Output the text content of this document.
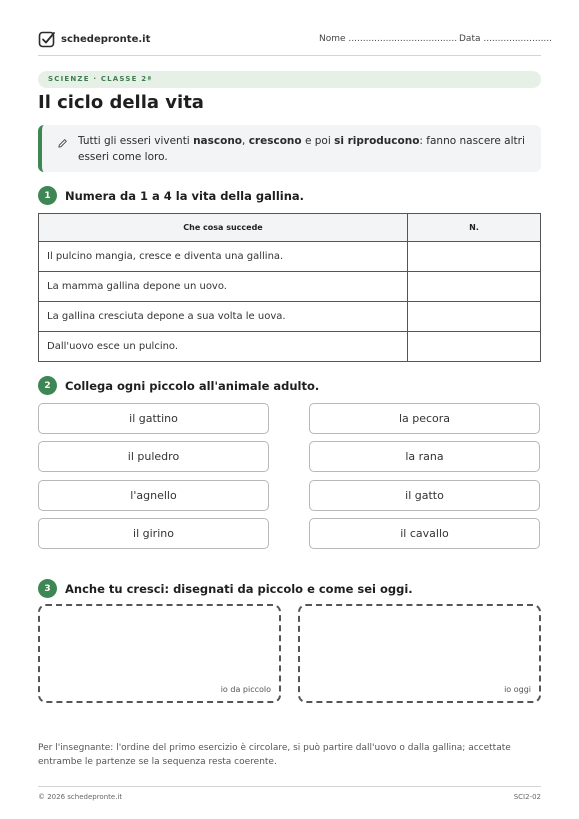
schedepronte.it	Nome ...................................... Data ........................
SCIENZE · CLASSE 2ª
Il ciclo della vita

Tutti gli esseri viventi nascono, crescono e poi si riproducono: fanno nascere altri esseri come loro.

1	Numera da 1 a 4 la vita della gallina.
Che cosa succede	N.
Il pulcino mangia, cresce e diventa una gallina.	
La mamma gallina depone un uovo.	
La gallina cresciuta depone a sua volta le uova.	
Dall'uovo esce un pulcino.	
2	Collega ogni piccolo all'animale adulto.
il gattino
il puledro
l'agnello
il girino
la pecora
la rana
il gatto
il cavallo
3	Anche tu cresci: disegnati da piccolo e come sei oggi.
io da piccolo	io oggi

Per l'insegnante: l'ordine del primo esercizio è circolare, si può partire dall'uovo o dalla gallina; accettate entrambe le partenze se la sequenza resta coerente.

© 2026 schedepronte.it	SCI2-02
